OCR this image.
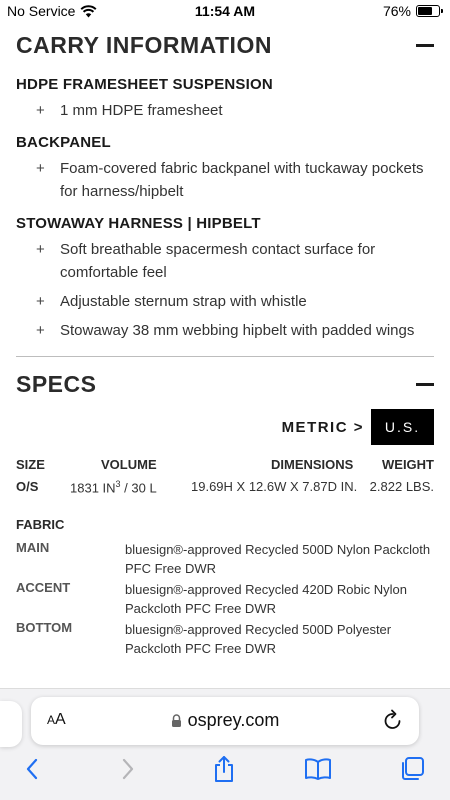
No Service	11:54 AM	76%
CARRY INFORMATION
HDPE FRAMESHEET SUSPENSION
+ 1 mm HDPE framesheet
BACKPANEL
+ Foam-covered fabric backpanel with tuckaway pockets for harness/hipbelt
STOWAWAY HARNESS | HIPBELT
+ Soft breathable spacermesh contact surface for comfortable feel
+ Adjustable sternum strap with whistle
+ Stowaway 38 mm webbing hipbelt with padded wings
SPECS
METRIC >	U.S.
SIZE	VOLUME	DIMENSIONS WEIGHT
O/S 1831 $IN^3 / 30$ L	19.69H X 12.6W X 7.87D IN. 2.822 LBS.
FABRIC
MAIN	bluesign®-approved Recycled 500D Nylon Packcloth PFC Free DWR
ACCENT	bluesign®-approved Recycled 420D Robic Nylon Packcloth PFC Free DWR
BOTTOM	bluesign®-approved Recycled 500D Polyester Packcloth PFC Free DWR
AA	osprey.com
